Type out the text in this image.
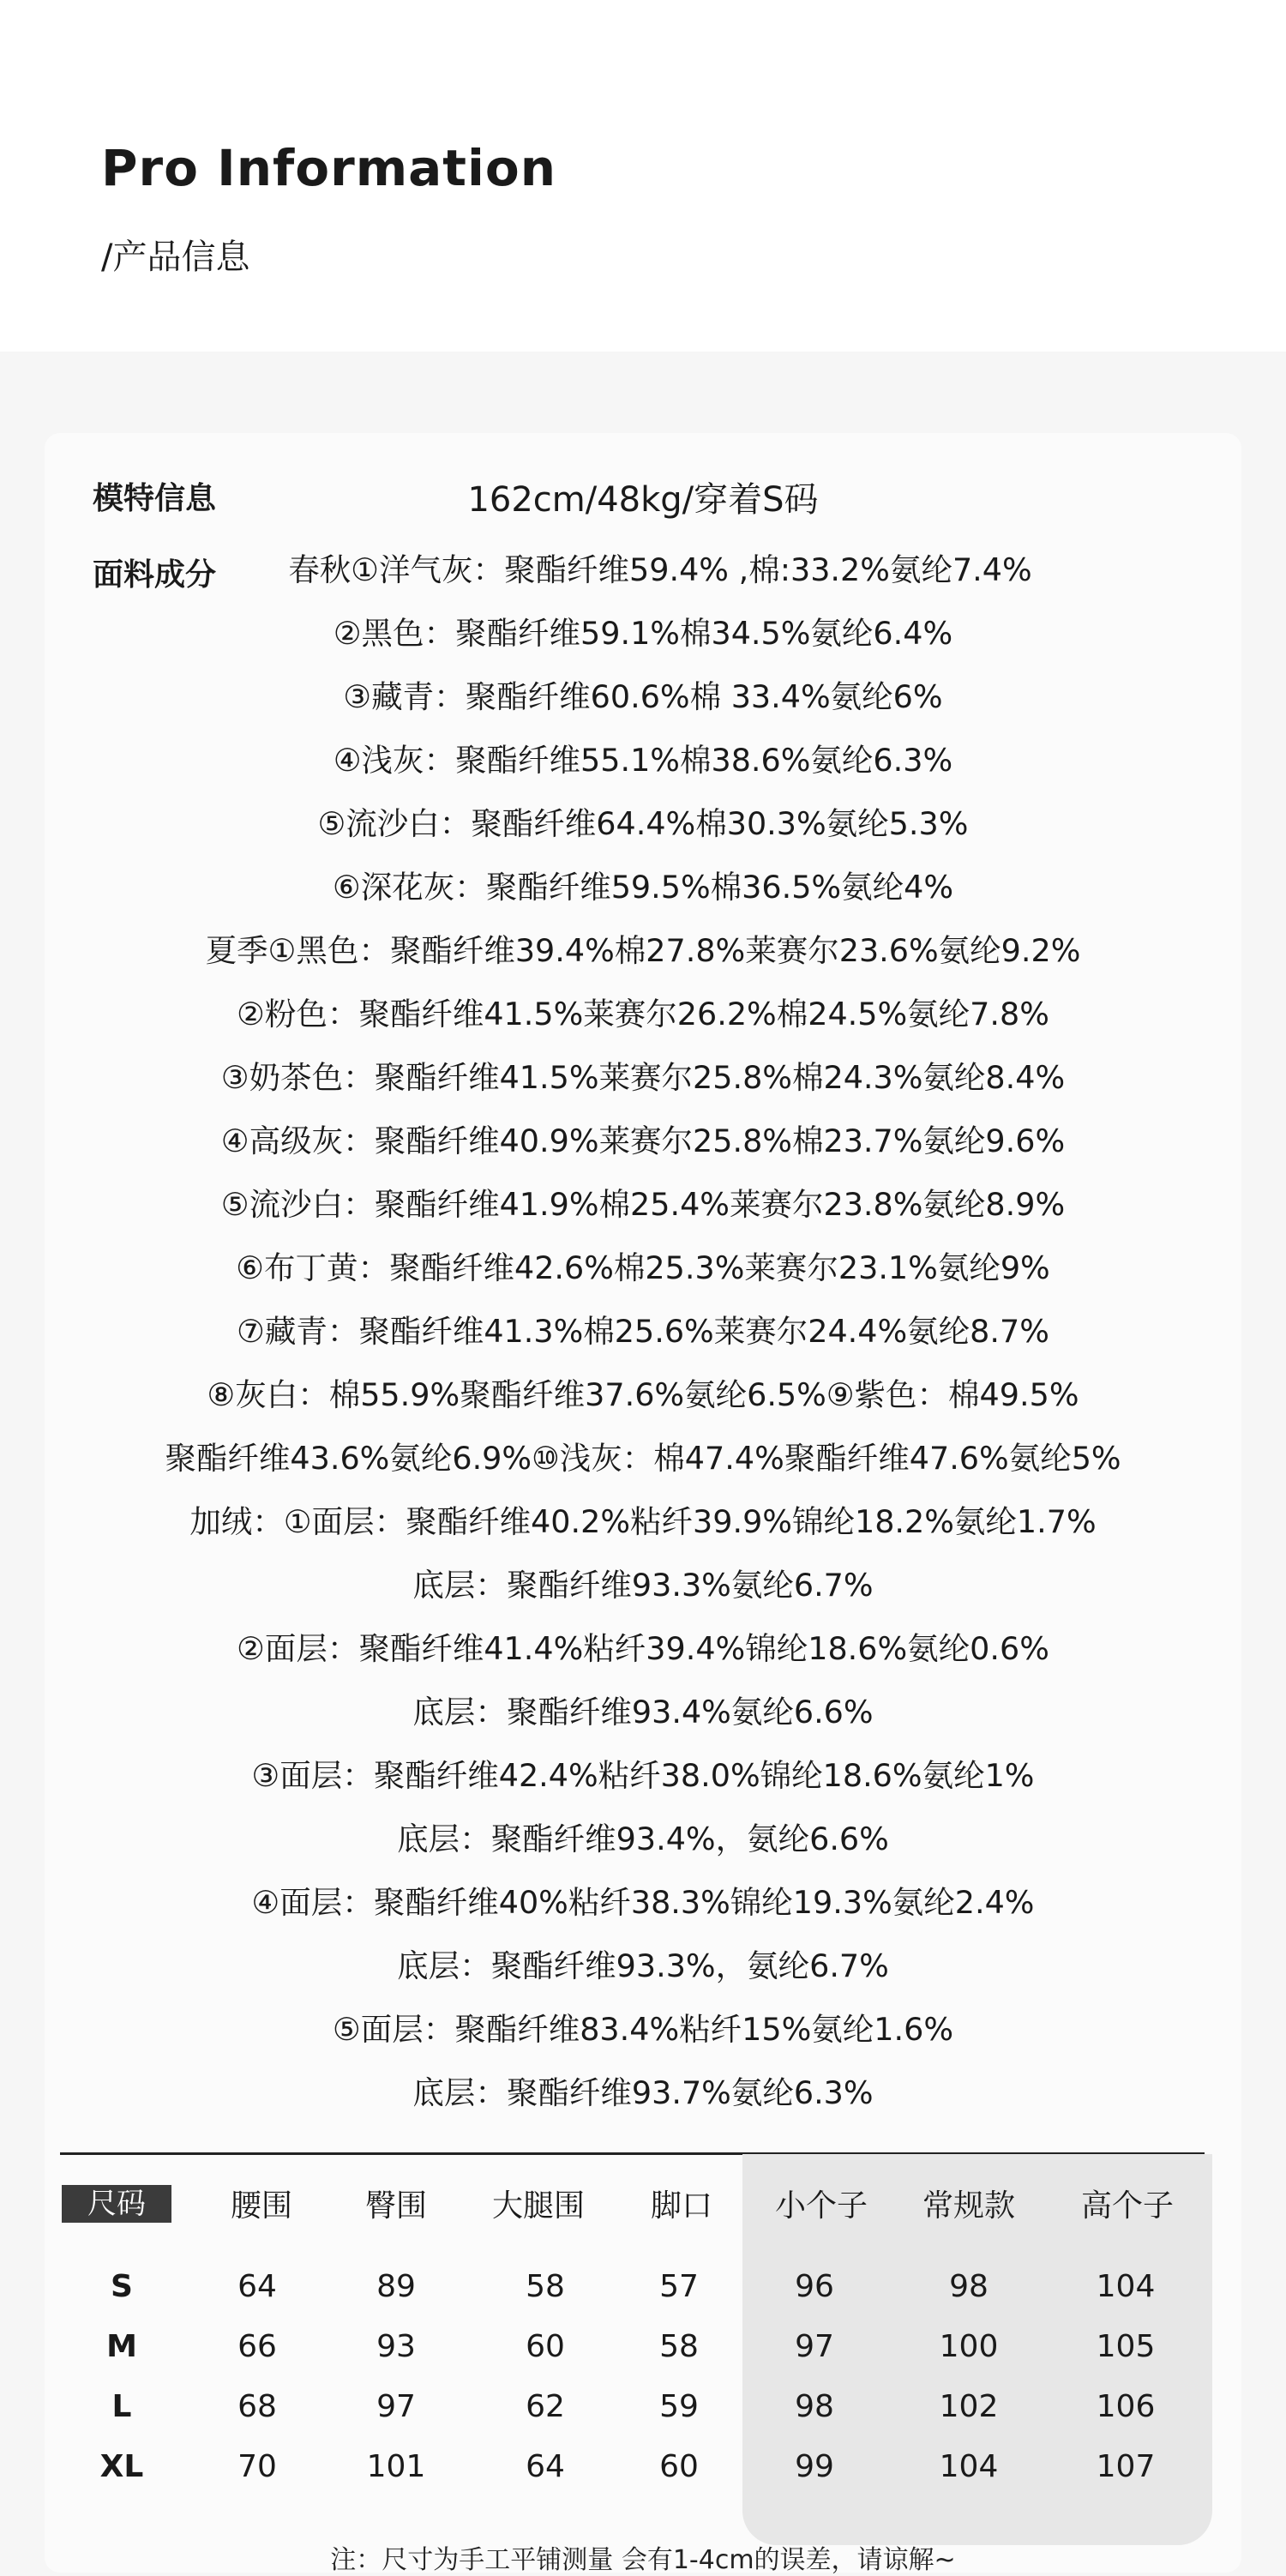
Pro Information
/产品信息
模特信息	162cm/48kg/穿着S码
面料成分	春秋①洋气灰：聚酯纤维59.4% ,棉:33.2%氨纶7.4%
②黑色：聚酯纤维59.1%棉34.5%氨纶6.4%
③藏青：聚酯纤维60.6%棉 33.4%氨纶6%
④浅灰：聚酯纤维55.1%棉38.6%氨纶6.3%
⑤流沙白：聚酯纤维64.4%棉30.3%氨纶5.3%
⑥深花灰：聚酯纤维59.5%棉36.5%氨纶4%
夏季①黑色：聚酯纤维39.4%棉27.8%莱赛尔23.6%氨纶9.2%
②粉色：聚酯纤维41.5%莱赛尔26.2%棉24.5%氨纶7.8%
③奶茶色：聚酯纤维41.5%莱赛尔25.8%棉24.3%氨纶8.4%
④高级灰：聚酯纤维40.9%莱赛尔25.8%棉23.7%氨纶9.6%
⑤流沙白：聚酯纤维41.9%棉25.4%莱赛尔23.8%氨纶8.9%
⑥布丁黄：聚酯纤维42.6%棉25.3%莱赛尔23.1%氨纶9%
⑦藏青：聚酯纤维41.3%棉25.6%莱赛尔24.4%氨纶8.7%
⑧灰白：棉55.9%聚酯纤维37.6%氨纶6.5%⑨紫色：棉49.5%
聚酯纤维43.6%氨纶6.9%⑩浅灰：棉47.4%聚酯纤维47.6%氨纶5%
加绒：①面层：聚酯纤维40.2%粘纤39.9%锦纶18.2%氨纶1.7%
底层：聚酯纤维93.3%氨纶6.7%
②面层：聚酯纤维41.4%粘纤39.4%锦纶18.6%氨纶0.6%
底层：聚酯纤维93.4%氨纶6.6%
③面层：聚酯纤维42.4%粘纤38.0%锦纶18.6%氨纶1%
底层：聚酯纤维93.4%，氨纶6.6%
④面层：聚酯纤维40%粘纤38.3%锦纶19.3%氨纶2.4%
底层：聚酯纤维93.3%，氨纶6.7%
⑤面层：聚酯纤维83.4%粘纤15%氨纶1.6%
底层：聚酯纤维93.7%氨纶6.3%
尺码	腰围	臀围	大腿围	脚口	小个子	常规款	高个子
S	64	89	58	57	96	98	104
M	66	93	60	58	97	100	105
L	68	97	62	59	98	102	106
XL	70	101	64	60	99	104	107
注：尺寸为手工平铺测量 会有1-4cm的误差，请谅解~
